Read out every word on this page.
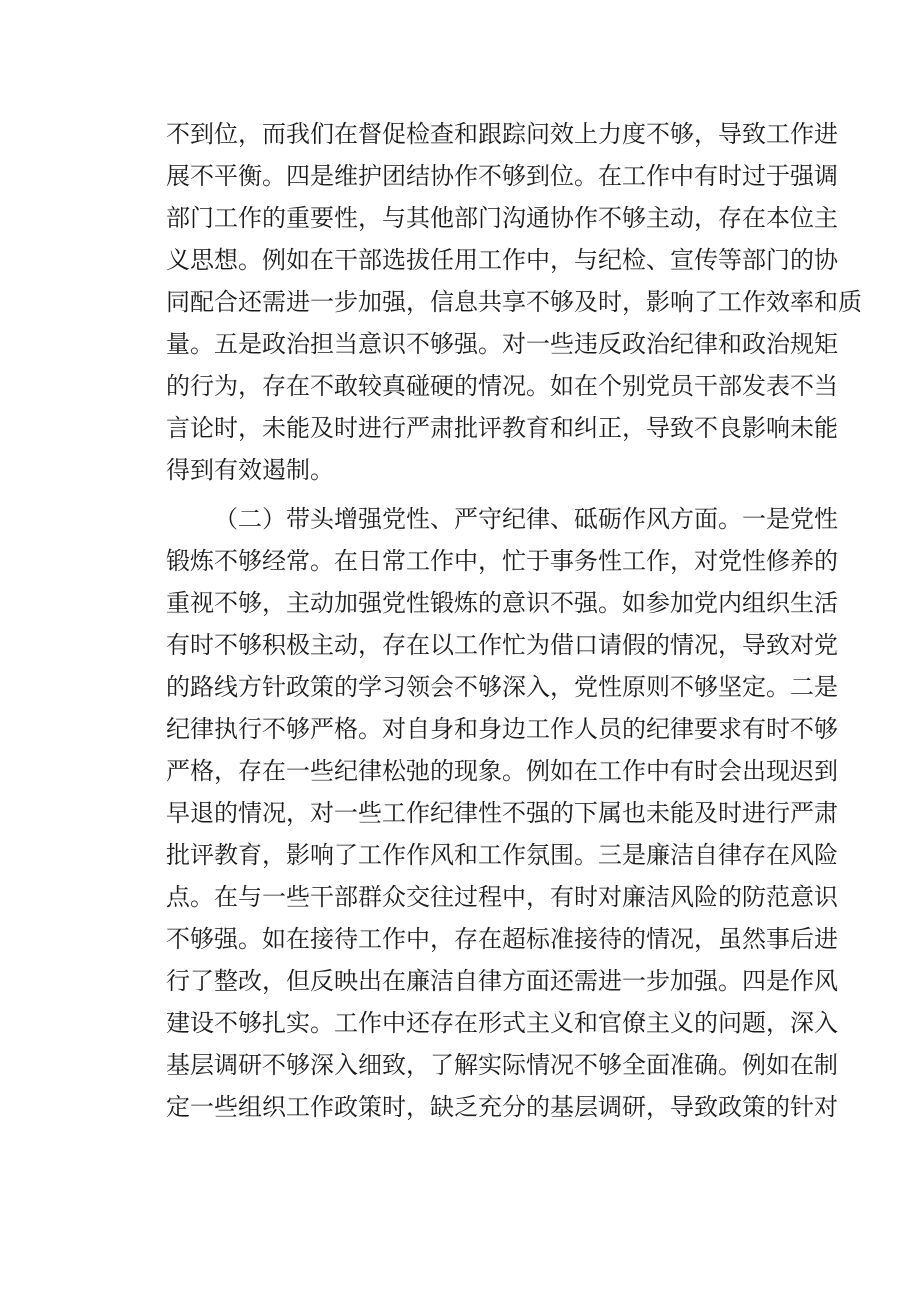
不到位，而我们在督促检查和跟踪问效上力度不够，导致工作进
展不平衡。四是维护团结协作不够到位。在工作中有时过于强调
部门工作的重要性，与其他部门沟通协作不够主动，存在本位主
义思想。例如在干部选拔任用工作中，与纪检、宣传等部门的协
同配合还需进一步加强，信息共享不够及时，影响了工作效率和质
量。五是政治担当意识不够强。对一些违反政治纪律和政治规矩
的行为，存在不敢较真碰硬的情况。如在个别党员干部发表不当
言论时，未能及时进行严肃批评教育和纠正，导致不良影响未能
得到有效遏制。
（二）带头增强党性、严守纪律、砥砺作风方面。一是党性
锻炼不够经常。在日常工作中，忙于事务性工作，对党性修养的
重视不够，主动加强党性锻炼的意识不强。如参加党内组织生活
有时不够积极主动，存在以工作忙为借口请假的情况，导致对党
的路线方针政策的学习领会不够深入，党性原则不够坚定。二是
纪律执行不够严格。对自身和身边工作人员的纪律要求有时不够
严格，存在一些纪律松弛的现象。例如在工作中有时会出现迟到
早退的情况，对一些工作纪律性不强的下属也未能及时进行严肃
批评教育，影响了工作作风和工作氛围。三是廉洁自律存在风险
点。在与一些干部群众交往过程中，有时对廉洁风险的防范意识
不够强。如在接待工作中，存在超标准接待的情况，虽然事后进
行了整改，但反映出在廉洁自律方面还需进一步加强。四是作风
建设不够扎实。工作中还存在形式主义和官僚主义的问题，深入
基层调研不够深入细致，了解实际情况不够全面准确。例如在制
定一些组织工作政策时，缺乏充分的基层调研，导致政策的针对
